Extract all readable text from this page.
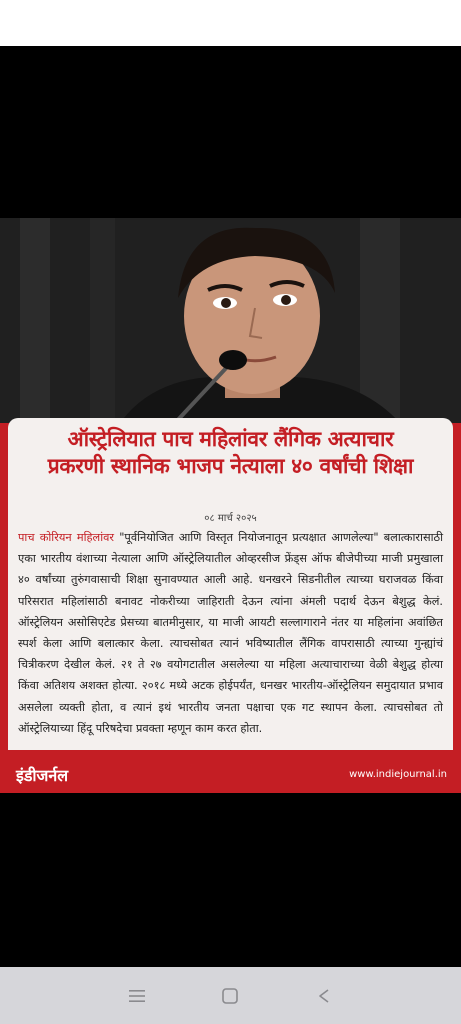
ऑस्ट्रेलियात पाच महिलांवर लैंगिक अत्याचार
प्रकरणी स्थानिक भाजप नेत्याला ४० वर्षांची शिक्षा
०८ मार्च २०२५

पाच कोरियन महिलांवर "पूर्वनियोजित आणि विस्तृत नियोजनातून प्रत्यक्षात आणलेल्या" बलात्कारासाठी एका भारतीय वंशाच्या नेत्याला आणि ऑस्ट्रेलियातील ओव्हरसीज फ्रेंड्स ऑफ बीजेपीच्या माजी प्रमुखाला ४० वर्षांच्या तुरुंगवासाची शिक्षा सुनावण्यात आली आहे. धनखरने सिडनीतील त्याच्या घराजवळ किंवा परिसरात महिलांसाठी बनावट नोकरीच्या जाहिराती देऊन त्यांना अंमली पदार्थ देऊन बेशुद्ध केलं. ऑस्ट्रेलियन असोसिएटेड प्रेसच्या बातमीनुसार, या माजी आयटी सल्लागाराने नंतर या महिलांना अवांछित स्पर्श केला आणि बलात्कार केला. त्याचसोबत त्यानं भविष्यातील लैंगिक वापरासाठी त्याच्या गुन्ह्यांचं चित्रीकरण देखील केलं. २१ ते २७ वयोगटातील असलेल्या या महिला अत्याचाराच्या वेळी बेशुद्ध होत्या किंवा अतिशय अशक्त होत्या. २०१८ मध्ये अटक होईपर्यंत, धनखर भारतीय-ऑस्ट्रेलियन समुदायात प्रभाव असलेला व्यक्ती होता, व त्यानं इथं भारतीय जनता पक्षाचा एक गट स्थापन केला. त्याचसोबत तो ऑस्ट्रेलियाच्या हिंदू परिषदेचा प्रवक्ता म्हणून काम करत होता.

इंडीजर्नल	www.indiejournal.in
